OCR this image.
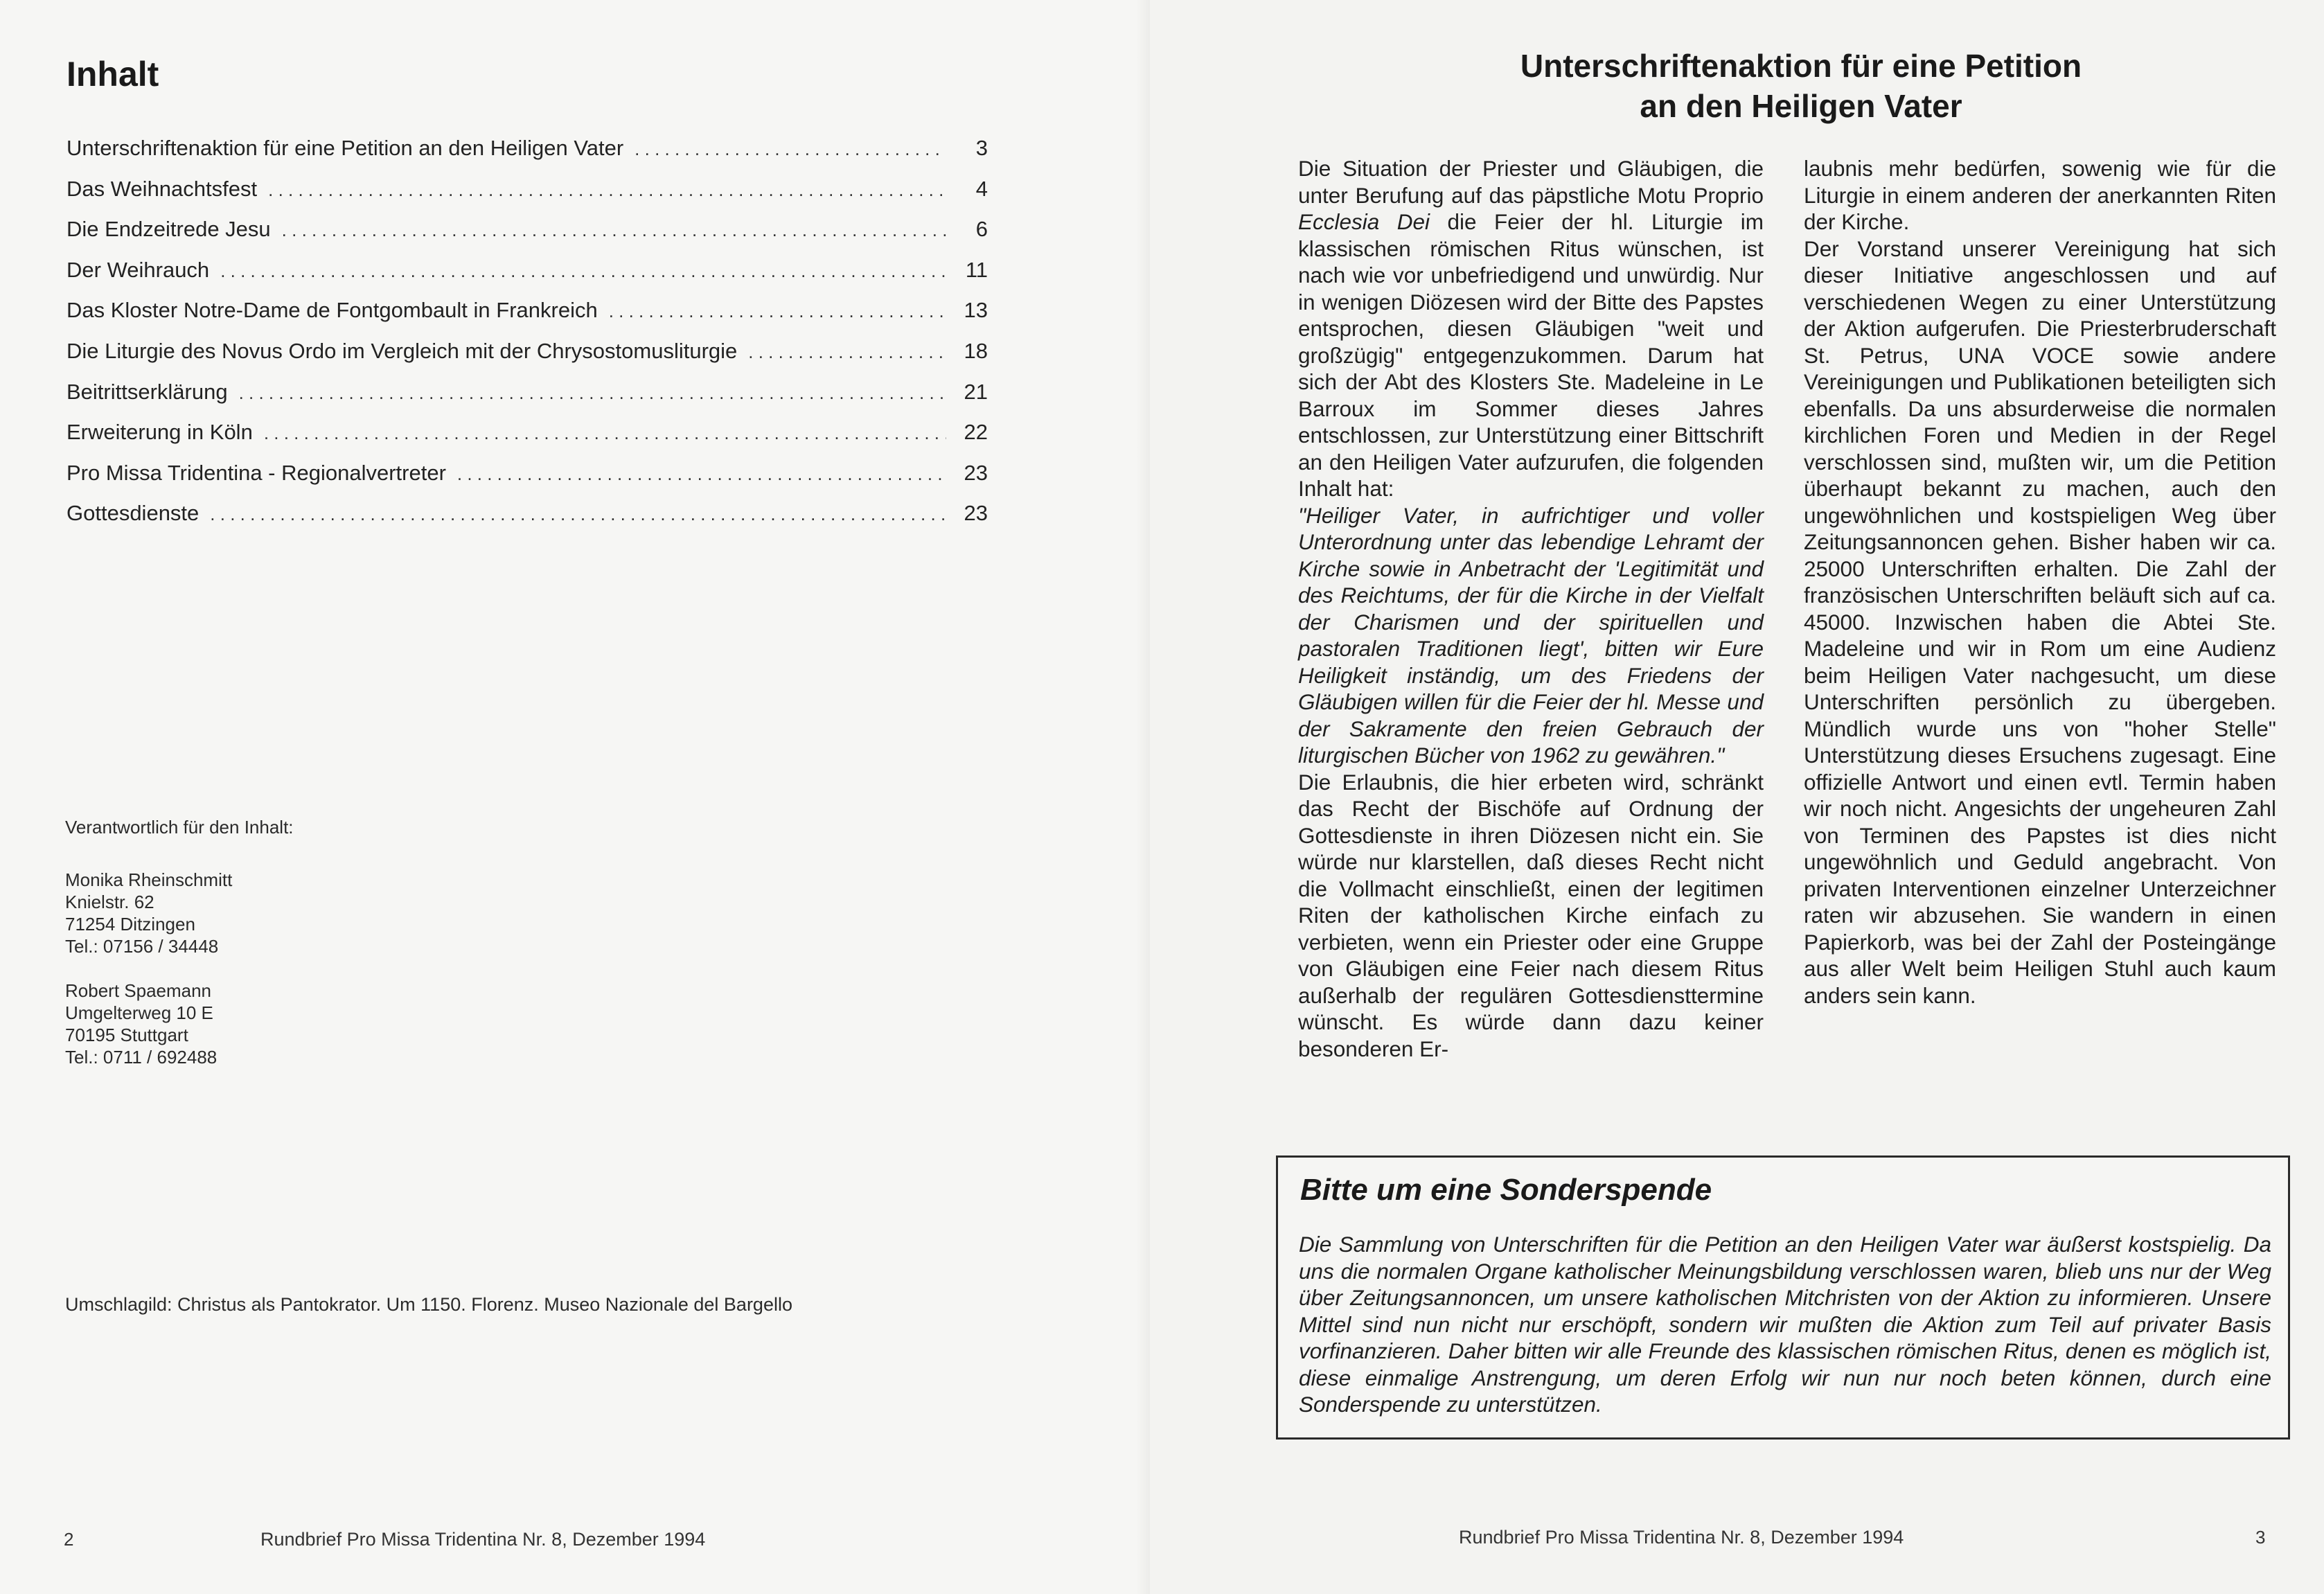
Inhalt
Unterschriftenaktion für eine Petition an den Heiligen Vater . . .	3
Das Weihnachtsfest . . .	4
Die Endzeitrede Jesu . . .	6
Der Weihrauch . . .	11
Das Kloster Notre-Dame de Fontgombault in Frankreich . . .	13
Die Liturgie des Novus Ordo im Vergleich mit der Chrysostomusliturgie . . .	18
Beitrittserklärung . . .	21
Erweiterung in Köln . . .	22
Pro Missa Tridentina - Regionalvertreter . . .	23
Gottesdienste . . .	23

Verantwortlich für den Inhalt:

Monika Rheinschmitt

Knielstr. 62

71254 Ditzingen

Tel.: 07156 / 34448

Robert Spaemann

Umgelterweg 10 E

70195 Stuttgart

Tel.: 0711 / 692488

Umschlagild: Christus als Pantokrator. Um 1150. Florenz. Museo Nazionale del Bargello

2	Rundbrief Pro Missa Tridentina Nr. 8, Dezember 1994
Unterschriftenaktion für eine Petition
an den Heiligen Vater

Die Situation der Priester und Gläubigen, die unter Berufung auf das päpstliche Motu Proprio Ecclesia Dei die Feier der hl. Liturgie im klassischen römischen Ritus wünschen, ist nach wie vor unbefriedigend und unwürdig. Nur in wenigen Diözesen wird der Bitte des Papstes entsprochen, diesen Gläubigen "weit und großzügig" entgegenzukommen. Darum hat sich der Abt des Klosters Ste. Madeleine in Le Barroux im Sommer dieses Jahres entschlossen, zur Unterstützung einer Bittschrift an den Heiligen Vater aufzurufen, die folgenden Inhalt hat:

"Heiliger Vater, in aufrichtiger und voller Unterordnung unter das lebendige Lehramt der Kirche sowie in Anbetracht der 'Legitimität und des Reichtums, der für die Kirche in der Vielfalt der Charismen und der spirituellen und pastoralen Traditionen liegt', bitten wir Eure Heiligkeit inständig, um des Friedens der Gläubigen willen für die Feier der hl. Messe und der Sakramente den freien Gebrauch der liturgischen Bücher von 1962 zu gewähren."

Die Erlaubnis, die hier erbeten wird, schränkt das Recht der Bischöfe auf Ordnung der Gottesdienste in ihren Diözesen nicht ein. Sie würde nur klarstellen, daß dieses Recht nicht die Vollmacht einschließt, einen der legitimen Riten der katholischen Kirche einfach zu verbieten, wenn ein Priester oder eine Gruppe von Gläubigen eine Feier nach diesem Ritus außerhalb der regulären Gottesdiensttermine wünscht. Es würde dann dazu keiner besonderen Er-

laubnis mehr bedürfen, sowenig wie für die Liturgie in einem anderen der anerkannten Riten der Kirche.

Der Vorstand unserer Vereinigung hat sich dieser Initiative angeschlossen und auf verschiedenen Wegen zu einer Unterstützung der Aktion aufgerufen. Die Priesterbruderschaft St. Petrus, UNA VOCE sowie andere Vereinigungen und Publikationen beteiligten sich ebenfalls. Da uns absurderweise die normalen kirchlichen Foren und Medien in der Regel verschlossen sind, mußten wir, um die Petition überhaupt bekannt zu machen, auch den ungewöhnlichen und kostspieligen Weg über Zeitungsannoncen gehen. Bisher haben wir ca. 25000 Unterschriften erhalten. Die Zahl der französischen Unterschriften beläuft sich auf ca. 45000. Inzwischen haben die Abtei Ste. Madeleine und wir in Rom um eine Audienz beim Heiligen Vater nachgesucht, um diese Unterschriften persönlich zu übergeben. Mündlich wurde uns von "hoher Stelle" Unterstützung dieses Ersuchens zugesagt. Eine offizielle Antwort und einen evtl. Termin haben wir noch nicht. Angesichts der ungeheuren Zahl von Terminen des Papstes ist dies nicht ungewöhnlich und Geduld angebracht. Von privaten Interventionen einzelner Unterzeichner raten wir abzusehen. Sie wandern in einen Papierkorb, was bei der Zahl der Posteingänge aus aller Welt beim Heiligen Stuhl auch kaum anders sein kann.

Bitte um eine Sonderspende

Die Sammlung von Unterschriften für die Petition an den Heiligen Vater war äußerst kostspielig. Da uns die normalen Organe katholischer Meinungsbildung verschlossen waren, blieb uns nur der Weg über Zeitungsannoncen, um unsere katholischen Mitchristen von der Aktion zu informieren. Unsere Mittel sind nun nicht nur erschöpft, sondern wir mußten die Aktion zum Teil auf privater Basis vorfinanzieren. Daher bitten wir alle Freunde des klassischen römischen Ritus, denen es möglich ist, diese einmalige Anstrengung, um deren Erfolg wir nun nur noch beten können, durch eine Sonderspende zu unterstützen.

Rundbrief Pro Missa Tridentina Nr. 8, Dezember 1994	3
